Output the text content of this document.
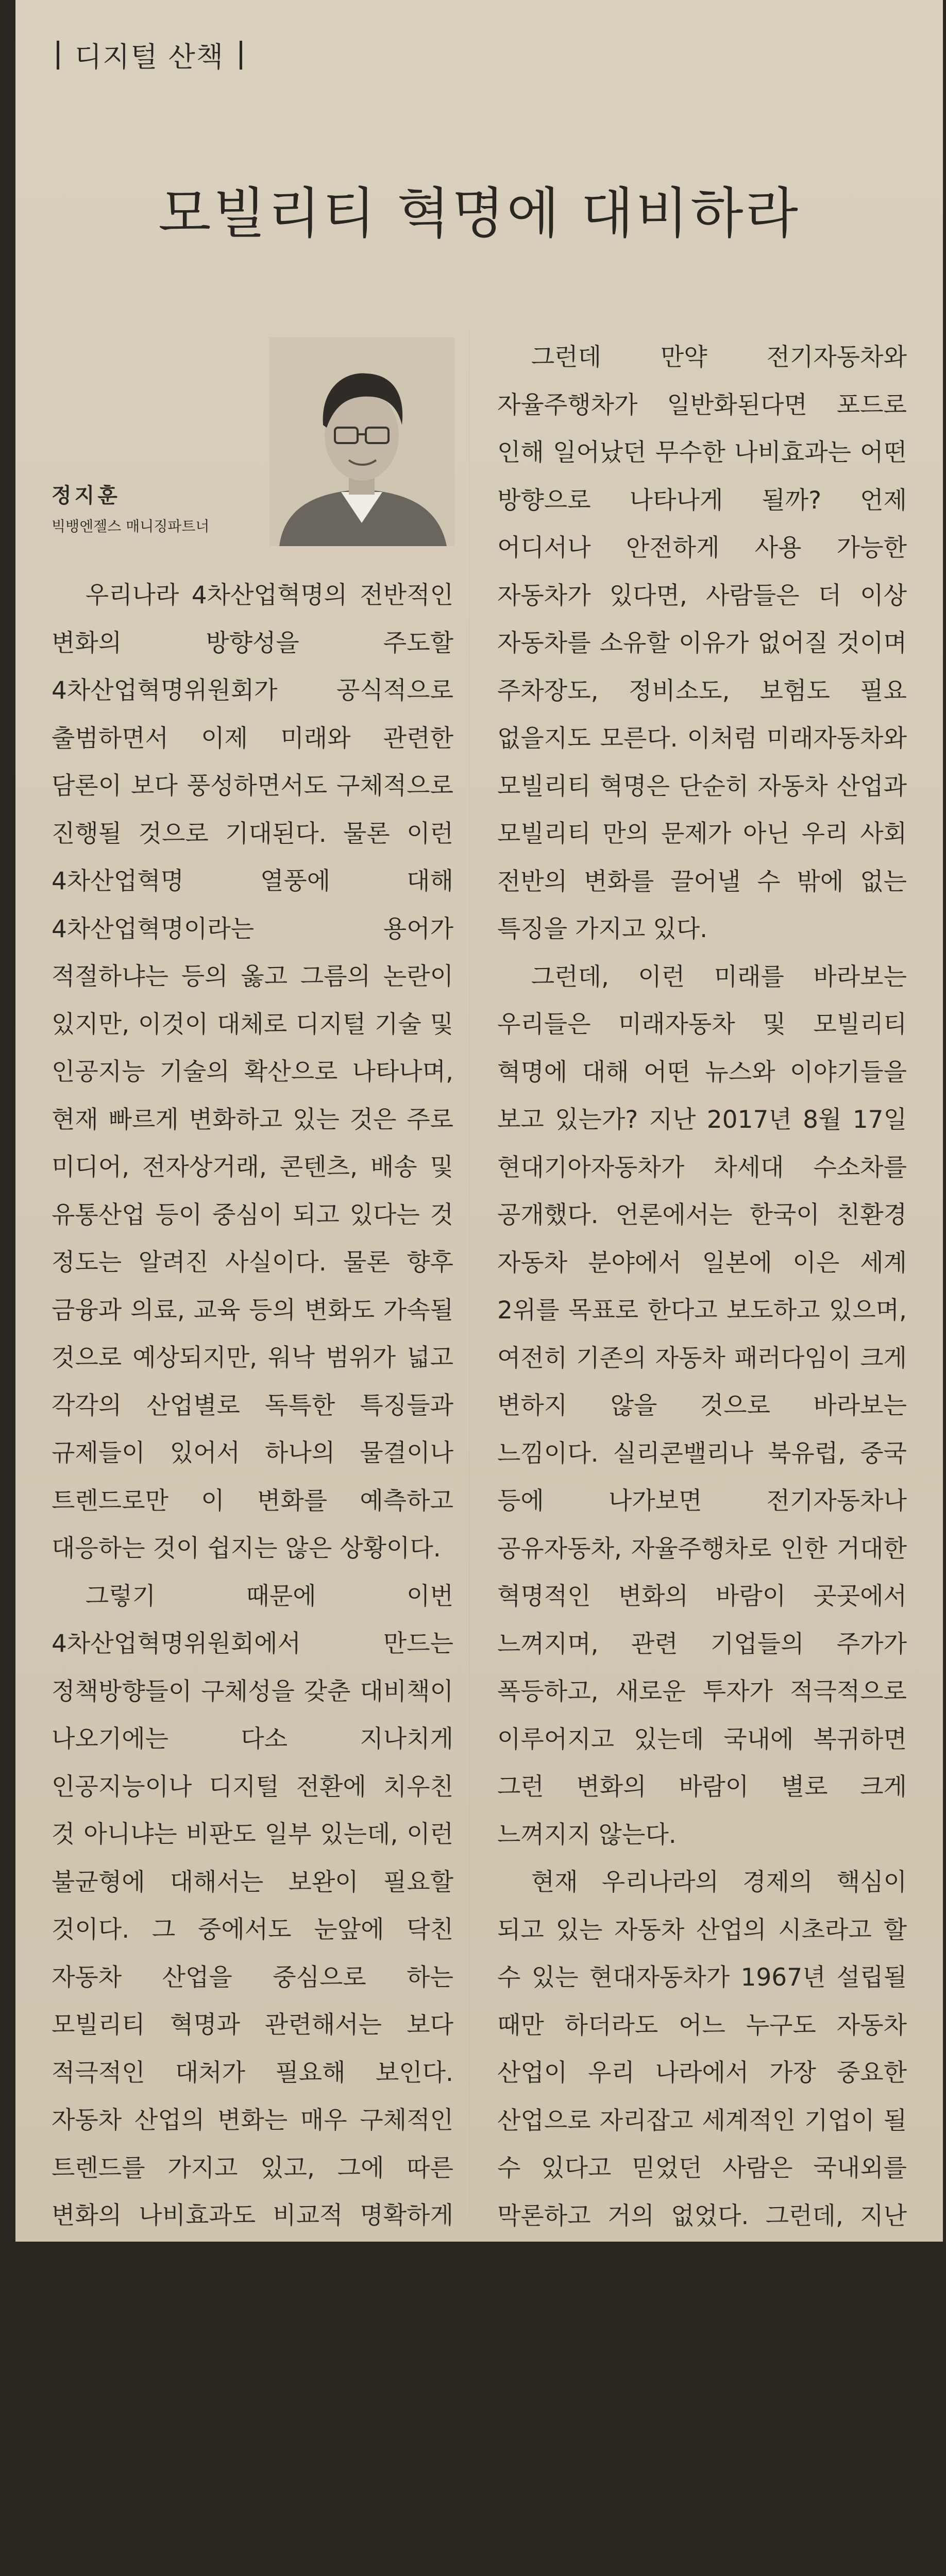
디지털 산책
모빌리티 혁명에 대비하라
정지훈
빅뱅엔젤스 매니징파트너

우리나라 4차산업혁명의 전반적인 변화의 방향성을 주도할 4차산업혁명위원회가 공식적으로 출범하면서 이제 미래와 관련한 담론이 보다 풍성하면서도 구체적으로 진행될 것으로 기대된다. 물론 이런 4차산업혁명 열풍에 대해 4차산업혁명이라는 용어가 적절하냐는 등의 옳고 그름의 논란이 있지만, 이것이 대체로 디지털 기술 및 인공지능 기술의 확산으로 나타나며, 현재 빠르게 변화하고 있는 것은 주로 미디어, 전자상거래, 콘텐츠, 배송 및 유통산업 등이 중심이 되고 있다는 것 정도는 알려진 사실이다. 물론 향후 금융과 의료, 교육 등의 변화도 가속될 것으로 예상되지만, 워낙 범위가 넓고 각각의 산업별로 독특한 특징들과 규제들이 있어서 하나의 물결이나 트렌드로만 이 변화를 예측하고 대응하는 것이 쉽지는 않은 상황이다.

그렇기 때문에 이번 4차산업혁명위원회에서 만드는 정책방향들이 구체성을 갖춘 대비책이 나오기에는 다소 지나치게 인공지능이나 디지털 전환에 치우친 것 아니냐는 비판도 일부 있는데, 이런 불균형에 대해서는 보완이 필요할 것이다. 그 중에서도 눈앞에 닥친 자동차 산업을 중심으로 하는 모빌리티 혁명과 관련해서는 보다 적극적인 대처가 필요해 보인다. 자동차 산업의 변화는 매우 구체적인 트렌드를 가지고 있고, 그에 따른 변화의 나비효과도 비교적 명확하게 예측이 되고 있으며, 산업혁명과 연관된 기술의 역사의 측면에서도 이미 커다란 교훈을 인류에게 남긴 바 있다. 20세기 초반 포드가 일으킨 자동차 산업 '혁신의 나비효과'는 어마어마해서 철강산업의 부흥과 주유소 인프라의 건설확대와 거대

그런데 만약 전기자동차와 자율주행차가 일반화된다면 포드로 인해 일어났던 무수한 나비효과는 어떤 방향으로 나타나게 될까? 언제 어디서나 안전하게 사용 가능한 자동차가 있다면, 사람들은 더 이상 자동차를 소유할 이유가 없어질 것이며 주차장도, 정비소도, 보험도 필요 없을지도 모른다. 이처럼 미래자동차와 모빌리티 혁명은 단순히 자동차 산업과 모빌리티 만의 문제가 아닌 우리 사회 전반의 변화를 끌어낼 수 밖에 없는 특징을 가지고 있다.

그런데, 이런 미래를 바라보는 우리들은 미래자동차 및 모빌리티 혁명에 대해 어떤 뉴스와 이야기들을 보고 있는가? 지난 2017년 8월 17일 현대기아자동차가 차세대 수소차를 공개했다. 언론에서는 한국이 친환경 자동차 분야에서 일본에 이은 세계 2위를 목표로 한다고 보도하고 있으며, 여전히 기존의 자동차 패러다임이 크게 변하지 않을 것으로 바라보는 느낌이다. 실리콘밸리나 북유럽, 중국 등에 나가보면 전기자동차나 공유자동차, 자율주행차로 인한 거대한 혁명적인 변화의 바람이 곳곳에서 느껴지며, 관련 기업들의 주가가 폭등하고, 새로운 투자가 적극적으로 이루어지고 있는데 국내에 복귀하면 그런 변화의 바람이 별로 크게 느껴지지 않는다.

현재 우리나라의 경제의 핵심이 되고 있는 자동차 산업의 시초라고 할 수 있는 현대자동차가 1967년 설립될 때만 하더라도 어느 누구도 자동차 산업이 우리 나라에서 가장 중요한 산업으로 자리잡고 세계적인 기업이 될 수 있다고 믿었던 사람은 국내외를 막론하고 거의 없었다. 그런데, 지난 50년 간 아쉽게도 이런 기적적인 발전의 역사에 지나치게 도취된 나머지 새로운 혁명적인 변화가 눈앞에 닥쳤음에도 불구하고 그 때의 도전정신과 혁명적인 시도를 했던 씨앗들은 모두 증발해 버리고, 별로 바뀔 것이 없을 것이라는 안이한
